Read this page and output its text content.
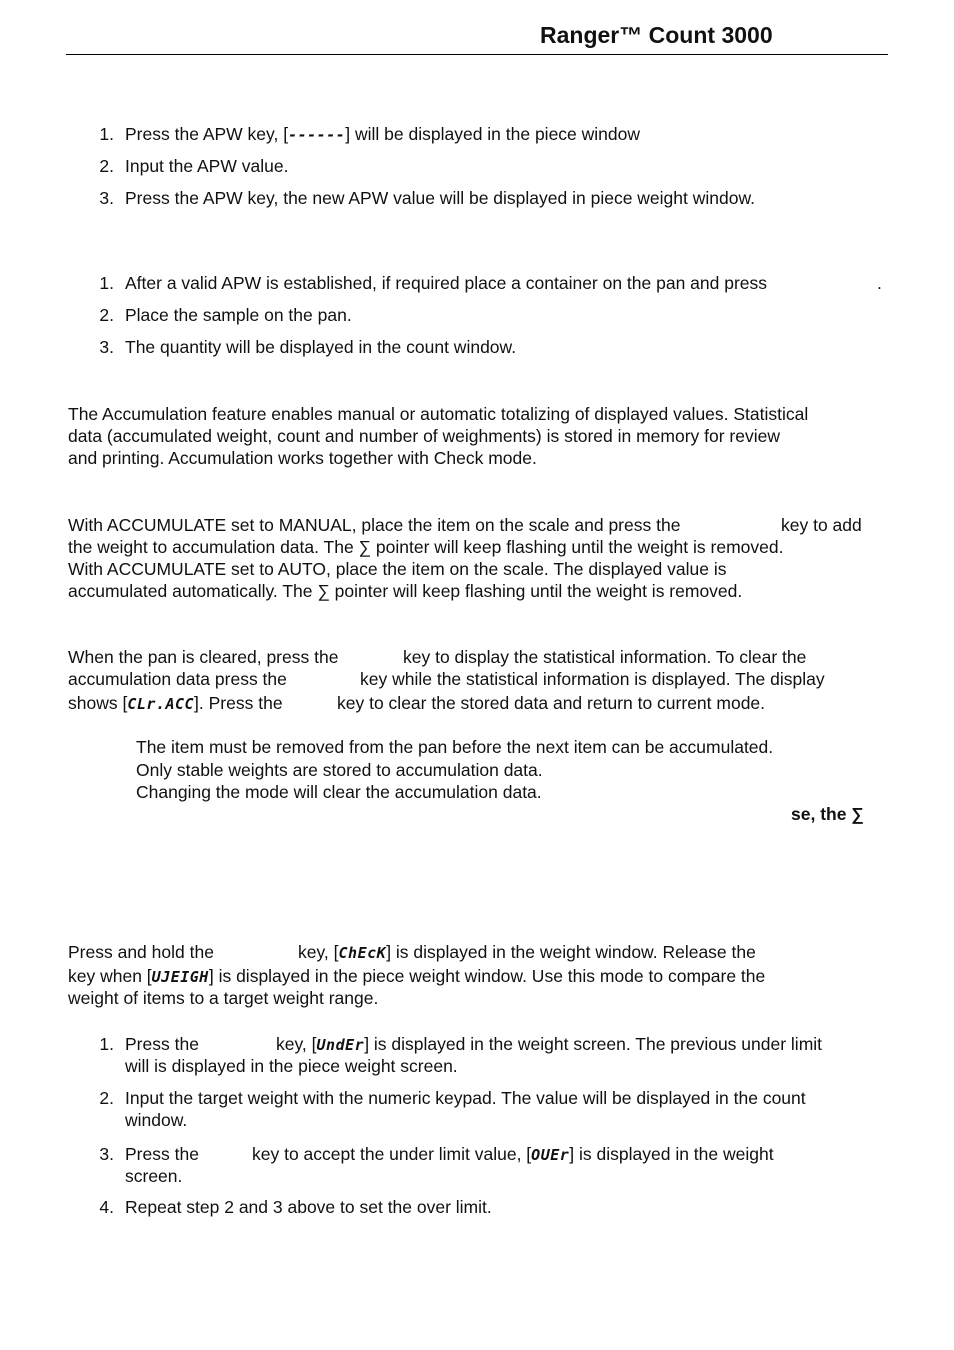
Ranger™ Count 3000
1. Press the APW key, [------] will be displayed in the piece window
2. Input the APW value.
3. Press the APW key, the new APW value will be displayed in piece weight window.
1. After a valid APW is established, if required place a container on the pan and press	.
2. Place the sample on the pan.
3. The quantity will be displayed in the count window.
The Accumulation feature enables manual or automatic totalizing of displayed values. Statistical
data (accumulated weight, count and number of weighments) is stored in memory for review
and printing. Accumulation works together with Check mode.
With ACCUMULATE set to MANUAL, place the item on the scale and press the	key to add
the weight to accumulation data. The ∑ pointer will keep flashing until the weight is removed.
With ACCUMULATE set to AUTO, place the item on the scale. The displayed value is
accumulated automatically. The ∑ pointer will keep flashing until the weight is removed.
When the pan is cleared, press the	key to display the statistical information. To clear the
accumulation data press the	key while the statistical information is displayed. The display
shows [CLr.ACC]. Press the	key to clear the stored data and return to current mode.
The item must be removed from the pan before the next item can be accumulated.
Only stable weights are stored to accumulation data.
Changing the mode will clear the accumulation data.
se, the ∑
Press and hold the	key, [ChEcK] is displayed in the weight window. Release the
key when [UJEIGH] is displayed in the piece weight window. Use this mode to compare the
weight of items to a target weight range.
1. Press the	key, [UndEr] is displayed in the weight screen. The previous under limit
will is displayed in the piece weight screen.
2. Input the target weight with the numeric keypad. The value will be displayed in the count
window.
3. Press the	key to accept the under limit value, [OUEr] is displayed in the weight
screen.
4. Repeat step 2 and 3 above to set the over limit.
